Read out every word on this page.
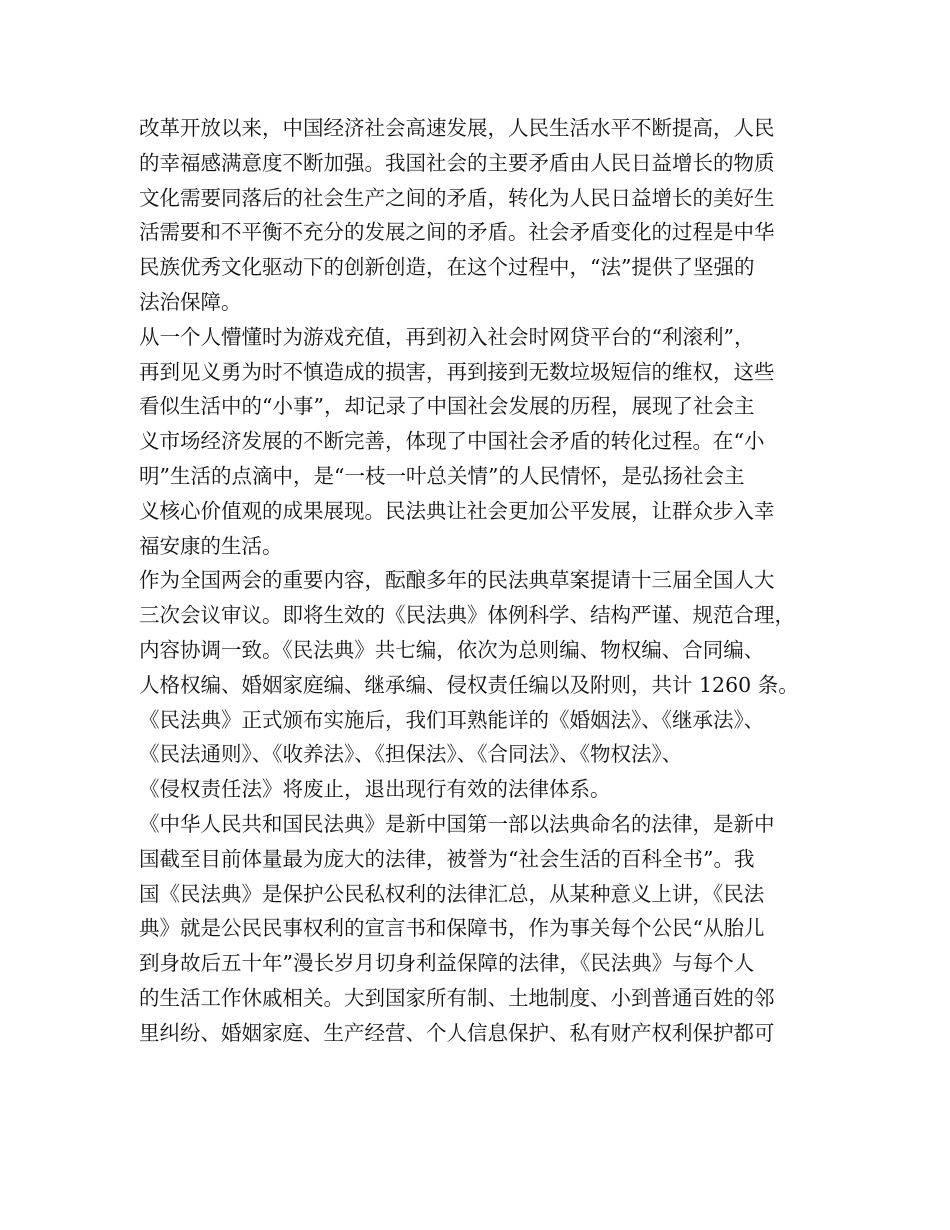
改革开放以来，中国经济社会高速发展，人民生活水平不断提高，人民
的幸福感满意度不断加强。我国社会的主要矛盾由人民日益增长的物质
文化需要同落后的社会生产之间的矛盾，转化为人民日益增长的美好生
活需要和不平衡不充分的发展之间的矛盾。社会矛盾变化的过程是中华
民族优秀文化驱动下的创新创造，在这个过程中，“法”提供了坚强的
法治保障。
从一个人懵懂时为游戏充值，再到初入社会时网贷平台的“利滚利”，
再到见义勇为时不慎造成的损害，再到接到无数垃圾短信的维权，这些
看似生活中的“小事”，却记录了中国社会发展的历程，展现了社会主
义市场经济发展的不断完善，体现了中国社会矛盾的转化过程。在“小
明”生活的点滴中，是“一枝一叶总关情”的人民情怀，是弘扬社会主
义核心价值观的成果展现。民法典让社会更加公平发展，让群众步入幸
福安康的生活。
作为全国两会的重要内容，酝酿多年的民法典草案提请十三届全国人大
三次会议审议。即将生效的《民法典》体例科学、结构严谨、规范合理，
内容协调一致。《民法典》共七编，依次为总则编、物权编、合同编、
人格权编、婚姻家庭编、继承编、侵权责任编以及附则，共计 1260 条。
《民法典》正式颁布实施后，我们耳熟能详的《婚姻法》、《继承法》、
《民法通则》、《收养法》、《担保法》、《合同法》、《物权法》、
《侵权责任法》将废止，退出现行有效的法律体系。
《中华人民共和国民法典》是新中国第一部以法典命名的法律，是新中
国截至目前体量最为庞大的法律，被誉为“社会生活的百科全书”。我
国《民法典》是保护公民私权利的法律汇总，从某种意义上讲，《民法
典》就是公民民事权利的宣言书和保障书，作为事关每个公民“从胎儿
到身故后五十年”漫长岁月切身利益保障的法律，《民法典》与每个人
的生活工作休戚相关。大到国家所有制、土地制度、小到普通百姓的邻
里纠纷、婚姻家庭、生产经营、个人信息保护、私有财产权利保护都可
